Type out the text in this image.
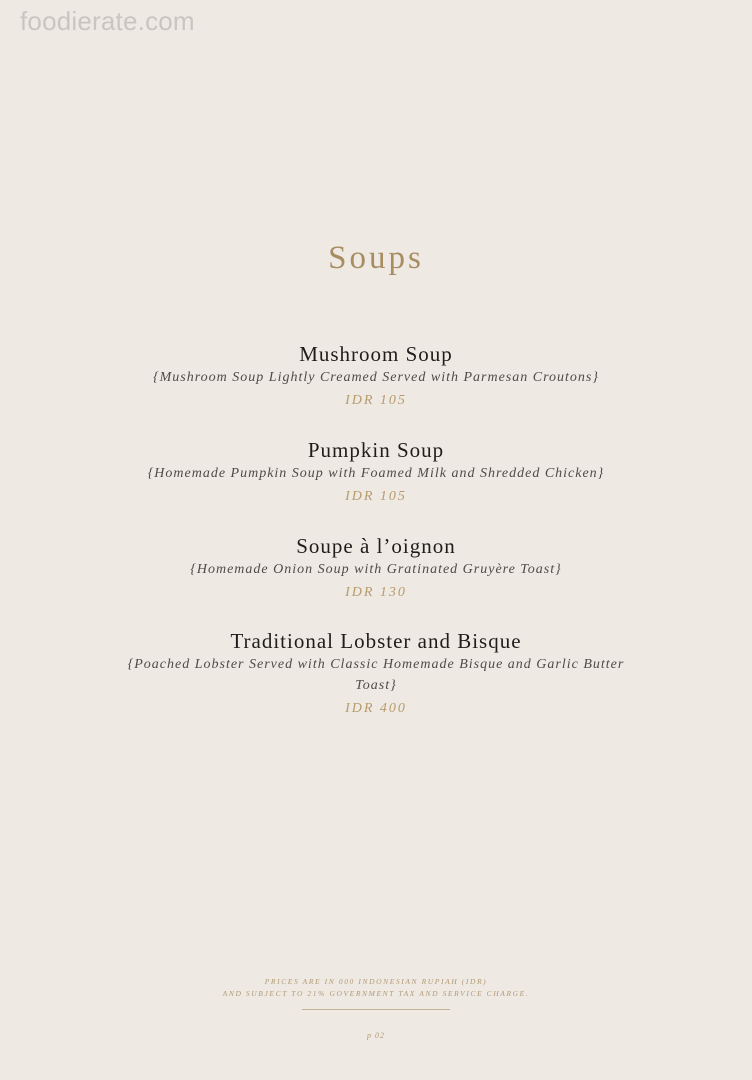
foodierate.com
Soups
Mushroom Soup
{Mushroom Soup Lightly Creamed Served with Parmesan Croutons}
IDR 105
Pumpkin Soup
{Homemade Pumpkin Soup with Foamed Milk and Shredded Chicken}
IDR 105
Soupe à l’oignon
{Homemade Onion Soup with Gratinated Gruyère Toast}
IDR 130
Traditional Lobster and Bisque
{Poached Lobster Served with Classic Homemade Bisque and Garlic Butter Toast}
IDR 400
PRICES ARE IN 000 INDONESIAN RUPIAH (IDR)
AND SUBJECT TO 21% GOVERNMENT TAX AND SERVICE CHARGE.
p 02
